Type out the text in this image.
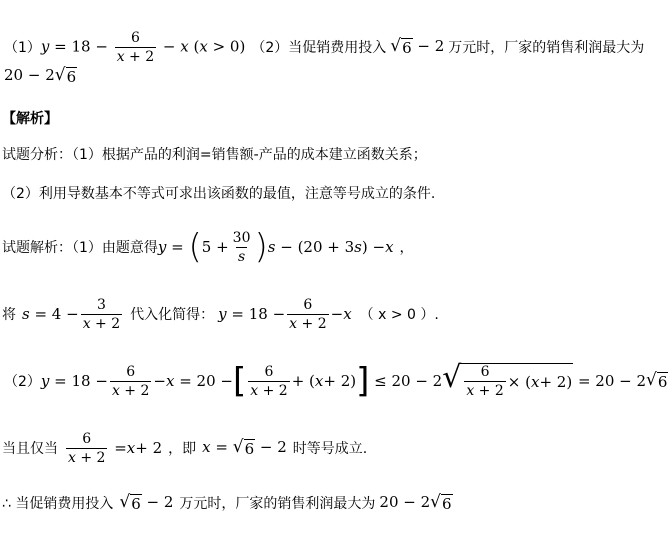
（1） $y = 18 - \frac{6}{x + 2} - x$ (x > 0) （2）当促销费用投入 √ 6 − 2 万元时，厂家的销售利润最大为
20 − 2 √ 6
【解析】
试题分析：（1）根据产品的利润=销售额-产品的成本建立函数关系；
（2）利用导数基本不等式可求出该函数的最值，注意等号成立的条件.
试题解析：（1）由题意得 y = ( $5 + \frac{30}{s}$ ) s − (20 + 3 s ) − x ，
将 $s = 4 - \frac{3}{x + 2}$ 代入化简得： $y = 18 - \frac{6}{x + 2} - x$ （ x > 0 ）.
（2） $y = 18 - \frac{6}{x + 2} - x = 20$ − [ $\frac{6}{x + 2}$ + ( x + 2) ] ≤ 20 − 2 √ $\frac{6}{x + 2}$ × ( x + 2) = 20 − 2 √ 6
当且仅当 $\frac{6}{x + 2} = x + 2$ ，即 x = √ 6 − 2 时等号成立.
∴ 当促销费用投入 √ 6 − 2 万元时，厂家的销售利润最大为 20 − 2 √ 6
